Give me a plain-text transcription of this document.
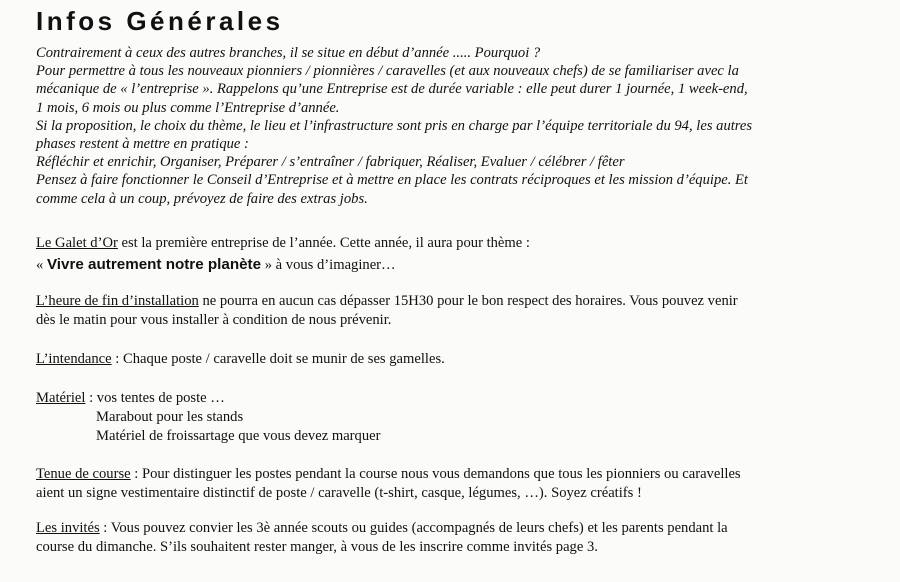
Infos Générales

Contrairement à ceux des autres branches, il se situe en début d’année ..... Pourquoi ?

Pour permettre à tous les nouveaux pionniers / pionnières / caravelles (et aux nouveaux chefs) de se familiariser avec la

mécanique de « l’entreprise ». Rappelons qu’une Entreprise est de durée variable : elle peut durer 1 journée, 1 week-end,

1 mois, 6 mois ou plus comme l’Entreprise d’année.

Si la proposition, le choix du thème, le lieu et l’infrastructure sont pris en charge par l’équipe territoriale du 94, les autres

phases restent à mettre en pratique :

Réfléchir et enrichir, Organiser, Préparer / s’entraîner / fabriquer, Réaliser, Evaluer / célébrer / fêter

Pensez à faire fonctionner le Conseil d’Entreprise et à mettre en place les contrats réciproques et les mission d’équipe. Et

comme cela à un coup, prévoyez de faire des extras jobs.

Le Galet d’Or est la première entreprise de l’année. Cette année, il aura pour thème :

« Vivre autrement notre planète » à vous d’imaginer…

L’heure de fin d’installation ne pourra en aucun cas dépasser 15H30 pour le bon respect des horaires. Vous pouvez venir

dès le matin pour vous installer à condition de nous prévenir.

L’intendance : Chaque poste / caravelle doit se munir de ses gamelles.

Matériel : vos tentes de poste …

Marabout pour les stands

Matériel de froissartage que vous devez marquer

Tenue de course : Pour distinguer les postes pendant la course nous vous demandons que tous les pionniers ou caravelles

aient un signe vestimentaire distinctif de poste / caravelle (t-shirt, casque, légumes, …). Soyez créatifs !

Les invités : Vous pouvez convier les 3è année scouts ou guides (accompagnés de leurs chefs) et les parents pendant la

course du dimanche. S’ils souhaitent rester manger, à vous de les inscrire comme invités page 3.
